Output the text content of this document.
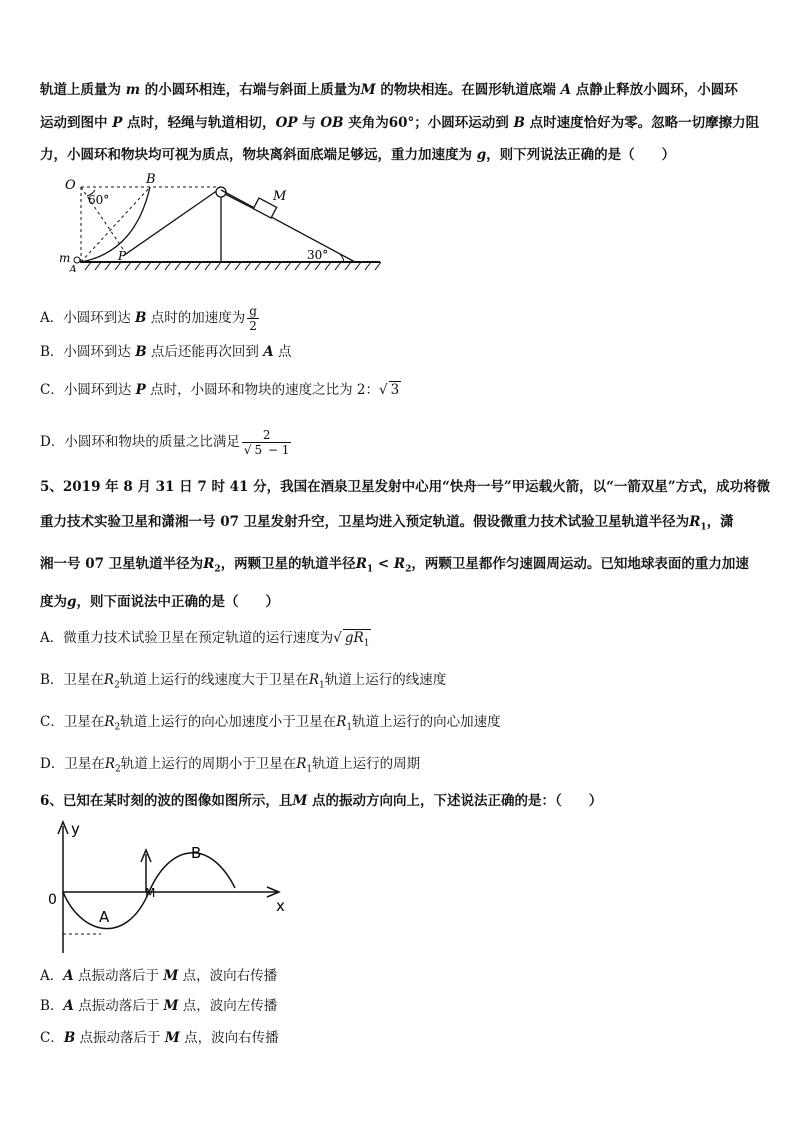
轨道上质量为 m 的小圆环相连，右端与斜面上质量为M 的物块相连。在圆形轨道底端 A 点静止释放小圆环，小圆环
运动到图中 P 点时，轻绳与轨道相切，OP 与 OB 夹角为60°；小圆环运动到 B 点时速度恰好为零。忽略一切摩擦力阻
力，小圆环和物块均可视为质点，物块离斜面底端足够远，重力加速度为 g，则下列说法正确的是（　　）
O
60°
B
M
P
m
A
30°
A．小圆环到达 B 点时的加速度为 $\frac{g}{2}$
B．小圆环到达 B 点后还能再次回到 A 点
C．小圆环到达 P 点时，小圆环和物块的速度之比为 2：√ 3
D．小圆环和物块的质量之比满足 $\frac{2}{√ 5 - 1}$
5、2019 年 8 月 31 日 7 时 41 分，我国在酒泉卫星发射中心用“快舟一号”甲运载火箭，以“一箭双星”方式，成功将微
重力技术实验卫星和潇湘一号 07 卫星发射升空，卫星均进入预定轨道。假设微重力技术试验卫星轨道半径为$R_1$，潇
湘一号 07 卫星轨道半径为$R_2$，两颗卫星的轨道半径$R_1 < R_2$，两颗卫星都作匀速圆周运动。已知地球表面的重力加速
度为g，则下面说法中正确的是（　　）
A．微重力技术试验卫星在预定轨道的运行速度为√ $gR_1$
B．卫星在$R_2$轨道上运行的线速度大于卫星在$R_1$轨道上运行的线速度
C．卫星在$R_2$轨道上运行的向心加速度小于卫星在$R_1$轨道上运行的向心加速度
D．卫星在$R_2$轨道上运行的周期小于卫星在$R_1$轨道上运行的周期
6、已知在某时刻的波的图像如图所示，且M 点的振动方向向上，下述说法正确的是：（　　）
y
x
0
A
B
M
A．A 点振动落后于 M 点，波向右传播
B．A 点振动落后于 M 点，波向左传播
C．B 点振动落后于 M 点，波向右传播
